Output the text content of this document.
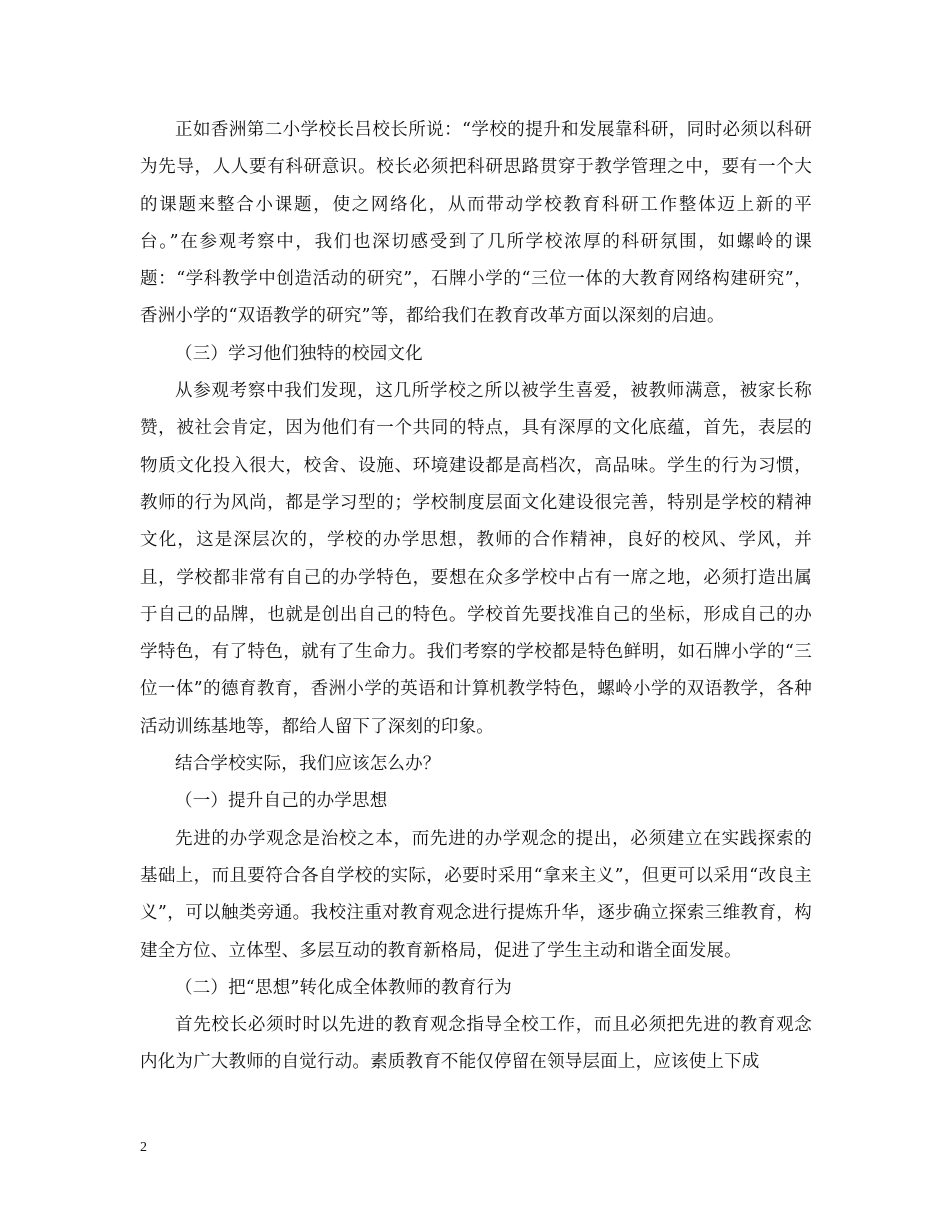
正如香洲第二小学校长吕校长所说：“学校的提升和发展靠科研，同时必须以科研为先导，人人要有科研意识。校长必须把科研思路贯穿于教学管理之中，要有一个大的课题来整合小课题，使之网络化，从而带动学校教育科研工作整体迈上新的平台。”在参观考察中，我们也深切感受到了几所学校浓厚的科研氛围，如螺岭的课题：“学科教学中创造活动的研究”，石牌小学的“三位一体的大教育网络构建研究”，香洲小学的“双语教学的研究”等，都给我们在教育改革方面以深刻的启迪。

（三）学习他们独特的校园文化

从参观考察中我们发现，这几所学校之所以被学生喜爱，被教师满意，被家长称赞，被社会肯定，因为他们有一个共同的特点，具有深厚的文化底蕴，首先，表层的物质文化投入很大，校舍、设施、环境建设都是高档次，高品味。学生的行为习惯，教师的行为风尚，都是学习型的；学校制度层面文化建设很完善，特别是学校的精神文化，这是深层次的，学校的办学思想，教师的合作精神，良好的校风、学风，并且，学校都非常有自己的办学特色，要想在众多学校中占有一席之地，必须打造出属于自己的品牌，也就是创出自己的特色。学校首先要找准自己的坐标，形成自己的办学特色，有了特色，就有了生命力。我们考察的学校都是特色鲜明，如石牌小学的“三位一体”的德育教育，香洲小学的英语和计算机教学特色，螺岭小学的双语教学，各种活动训练基地等，都给人留下了深刻的印象。

结合学校实际，我们应该怎么办？

（一）提升自己的办学思想

先进的办学观念是治校之本，而先进的办学观念的提出，必须建立在实践探索的基础上，而且要符合各自学校的实际，必要时采用“拿来主义”，但更可以采用“改良主义”，可以触类旁通。我校注重对教育观念进行提炼升华，逐步确立探索三维教育，构建全方位、立体型、多层互动的教育新格局，促进了学生主动和谐全面发展。

（二）把“思想”转化成全体教师的教育行为

首先校长必须时时以先进的教育观念指导全校工作，而且必须把先进的教育观念内化为广大教师的自觉行动。素质教育不能仅停留在领导层面上，应该使上下成

2
